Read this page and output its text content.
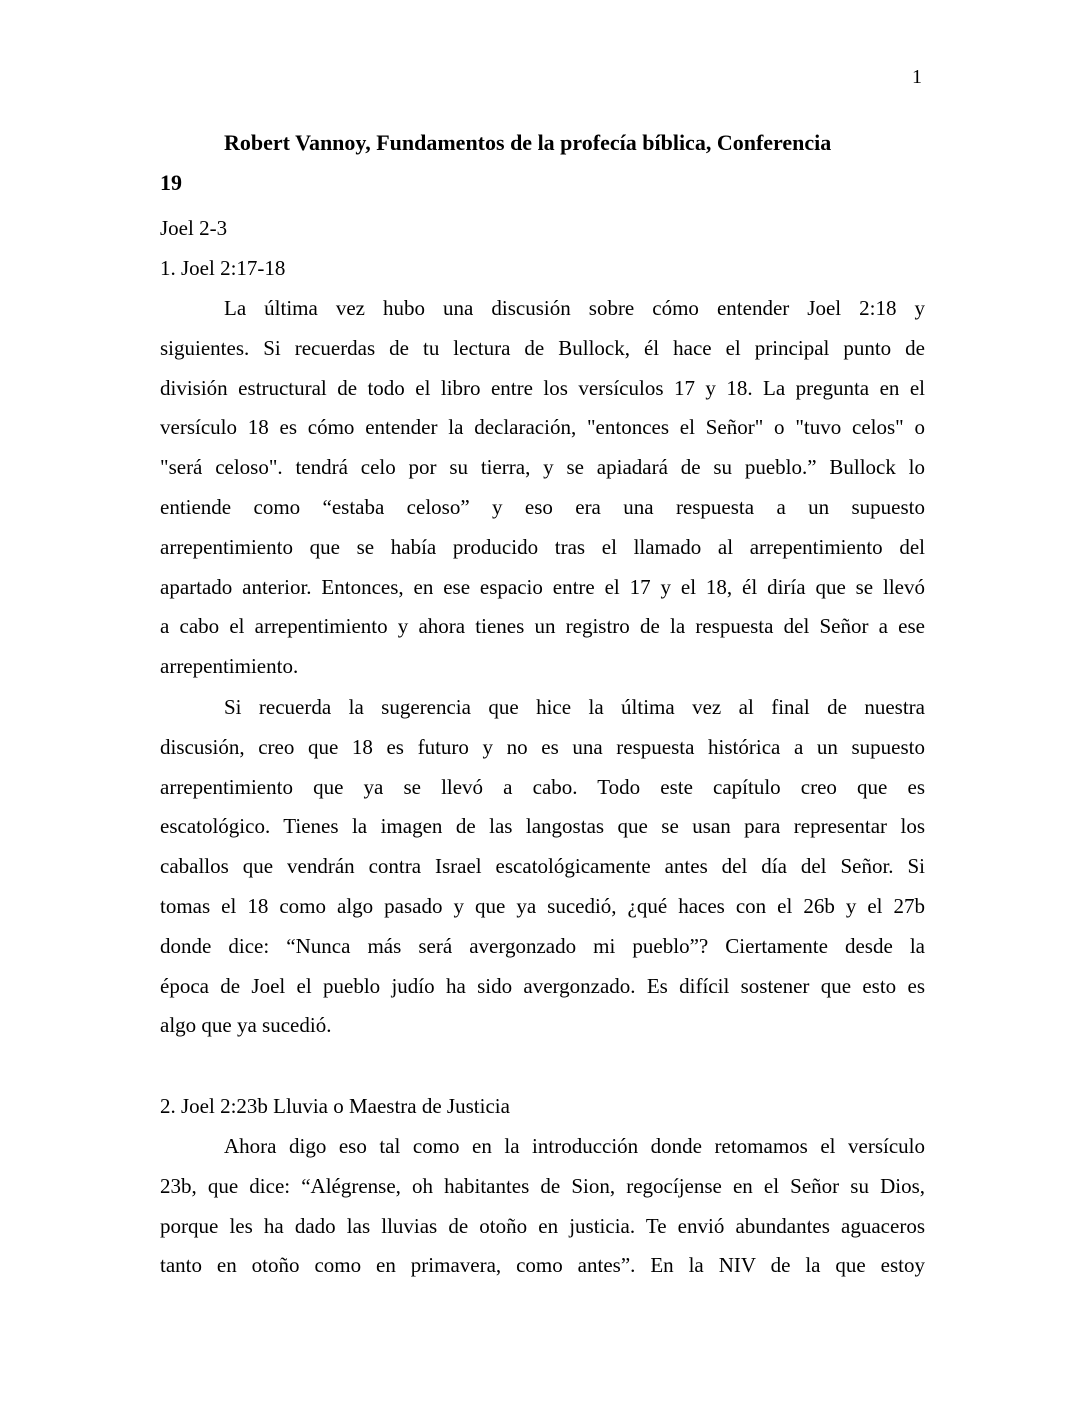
1
Robert Vannoy, Fundamentos de la profecía bíblica, Conferencia
19
Joel 2-3
1. Joel 2:17-18
La última vez hubo una discusión sobre cómo entender Joel 2:18 y
siguientes. Si recuerdas de tu lectura de Bullock, él hace el principal punto de
división estructural de todo el libro entre los versículos 17 y 18. La pregunta en el
versículo 18 es cómo entender la declaración, "entonces el Señor" o "tuvo celos" o
"será celoso". tendrá celo por su tierra, y se apiadará de su pueblo.” Bullock lo
entiende como “estaba celoso” y eso era una respuesta a un supuesto
arrepentimiento que se había producido tras el llamado al arrepentimiento del
apartado anterior. Entonces, en ese espacio entre el 17 y el 18, él diría que se llevó
a cabo el arrepentimiento y ahora tienes un registro de la respuesta del Señor a ese
arrepentimiento.
Si recuerda la sugerencia que hice la última vez al final de nuestra
discusión, creo que 18 es futuro y no es una respuesta histórica a un supuesto
arrepentimiento que ya se llevó a cabo. Todo este capítulo creo que es
escatológico. Tienes la imagen de las langostas que se usan para representar los
caballos que vendrán contra Israel escatológicamente antes del día del Señor. Si
tomas el 18 como algo pasado y que ya sucedió, ¿qué haces con el 26b y el 27b
donde dice: “Nunca más será avergonzado mi pueblo”? Ciertamente desde la
época de Joel el pueblo judío ha sido avergonzado. Es difícil sostener que esto es
algo que ya sucedió.
2. Joel 2:23b Lluvia o Maestra de Justicia
Ahora digo eso tal como en la introducción donde retomamos el versículo
23b, que dice: “Alégrense, oh habitantes de Sion, regocíjense en el Señor su Dios,
porque les ha dado las lluvias de otoño en justicia. Te envió abundantes aguaceros
tanto en otoño como en primavera, como antes”. En la NIV de la que estoy
